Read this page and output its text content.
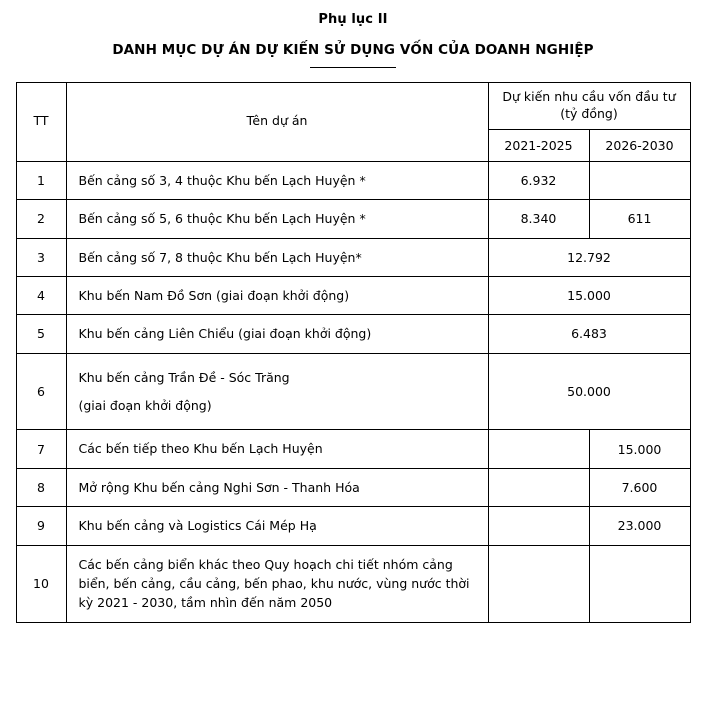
Phụ lục II
DANH MỤC DỰ ÁN DỰ KIẾN SỬ DỤNG VỐN CỦA DOANH NGHIỆP
TT	Tên dự án	Dự kiến nhu cầu vốn đầu tư (tỷ đồng)	
		2021-2025	2026-2030
1	Bến cảng số 3, 4 thuộc Khu bến Lạch Huyện *	6.932	
2	Bến cảng số 5, 6 thuộc Khu bến Lạch Huyện *	8.340	611
3	Bến cảng số 7, 8 thuộc Khu bến Lạch Huyện*	12.792	
4	Khu bến Nam Đồ Sơn (giai đoạn khởi động)	15.000	
5	Khu bến cảng Liên Chiểu (giai đoạn khởi động)	6.483	
6	Khu bến cảng Trần Đề - Sóc Trăng
(giai đoạn khởi động)	50.000	
7	Các bến tiếp theo Khu bến Lạch Huyện		15.000
8	Mở rộng Khu bến cảng Nghi Sơn - Thanh Hóa		7.600
9	Khu bến cảng và Logistics Cái Mép Hạ		23.000
10	Các bến cảng biển khác theo Quy hoạch chi tiết nhóm cảng biển, bến cảng, cầu cảng, bến phao, khu nước, vùng nước thời kỳ 2021 - 2030, tầm nhìn đến năm 2050		
